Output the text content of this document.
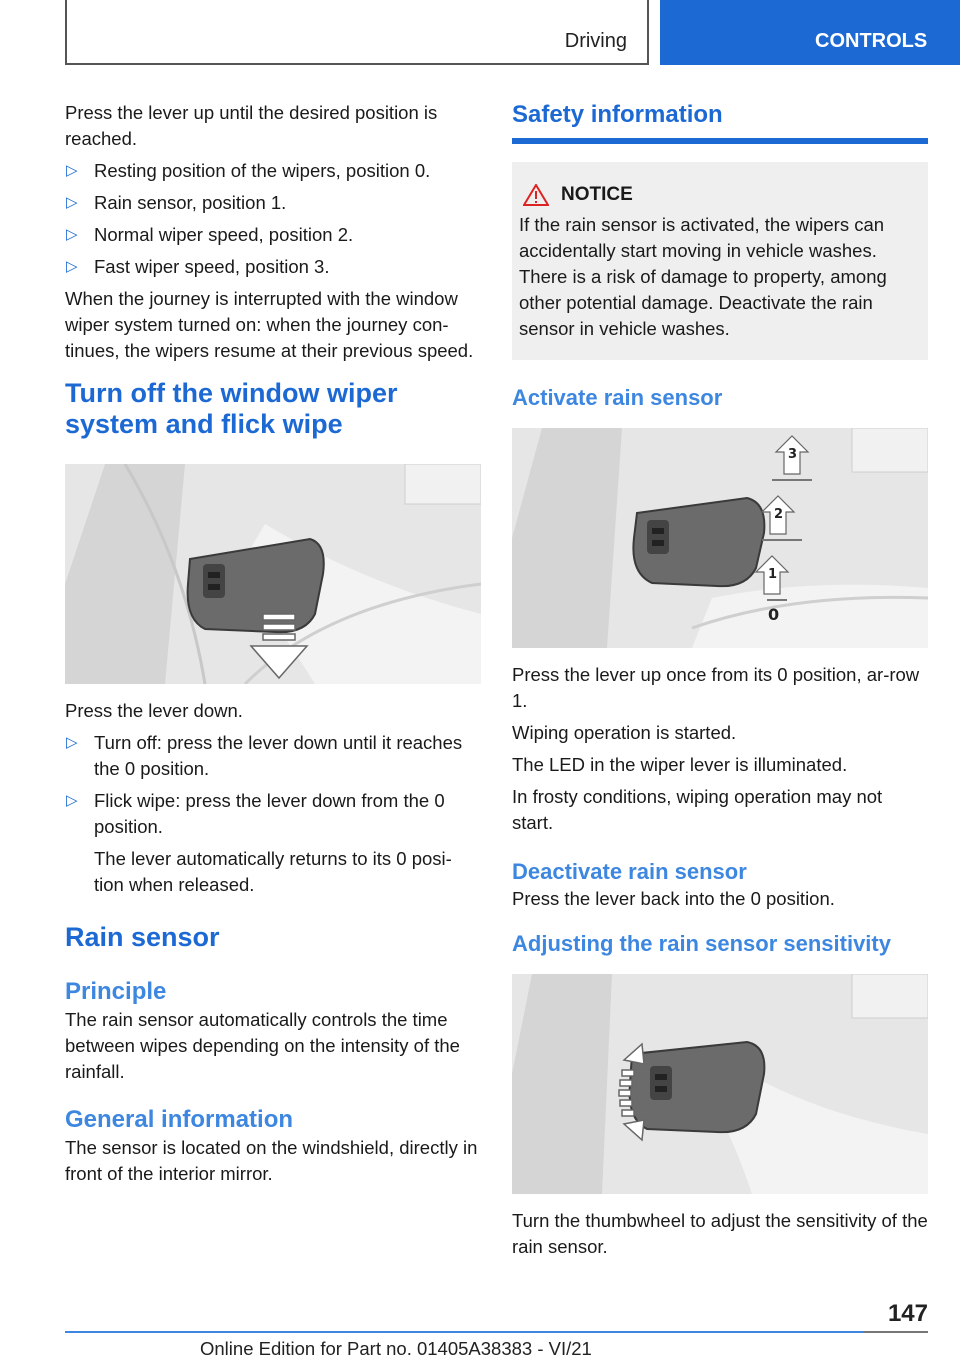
Driving	CONTROLS

Press the lever up until the desired position is reached.

▷ Resting position of the wipers, position 0.
▷ Rain sensor, position 1.
▷ Normal wiper speed, position 2.
▷ Fast wiper speed, position 3.

When the journey is interrupted with the window wiper system turned on: when the journey con-tinues, the wipers resume at their previous speed.

Turn off the window wiper system and flick wipe

Press the lever down.

▷ Turn off: press the lever down until it reaches the 0 position.
▷ Flick wipe: press the lever down from the 0 position.

The lever automatically returns to its 0 posi-tion when released.

Rain sensor
Principle

The rain sensor automatically controls the time between wipes depending on the intensity of the rainfall.

General information

The sensor is located on the windshield, directly in front of the interior mirror.

Safety information
NOTICE

If the rain sensor is activated, the wipers can accidentally start moving in vehicle washes. There is a risk of damage to property, among other potential damage. Deactivate the rain sensor in vehicle washes.

Activate rain sensor
3
2
1
0

Press the lever up once from its 0 position, ar-row 1.

Wiping operation is started.

The LED in the wiper lever is illuminated.

In frosty conditions, wiping operation may not start.

Deactivate rain sensor

Press the lever back into the 0 position.

Adjusting the rain sensor sensitivity

Turn the thumbwheel to adjust the sensitivity of the rain sensor.

147
Online Edition for Part no. 01405A38383 - VI/21
